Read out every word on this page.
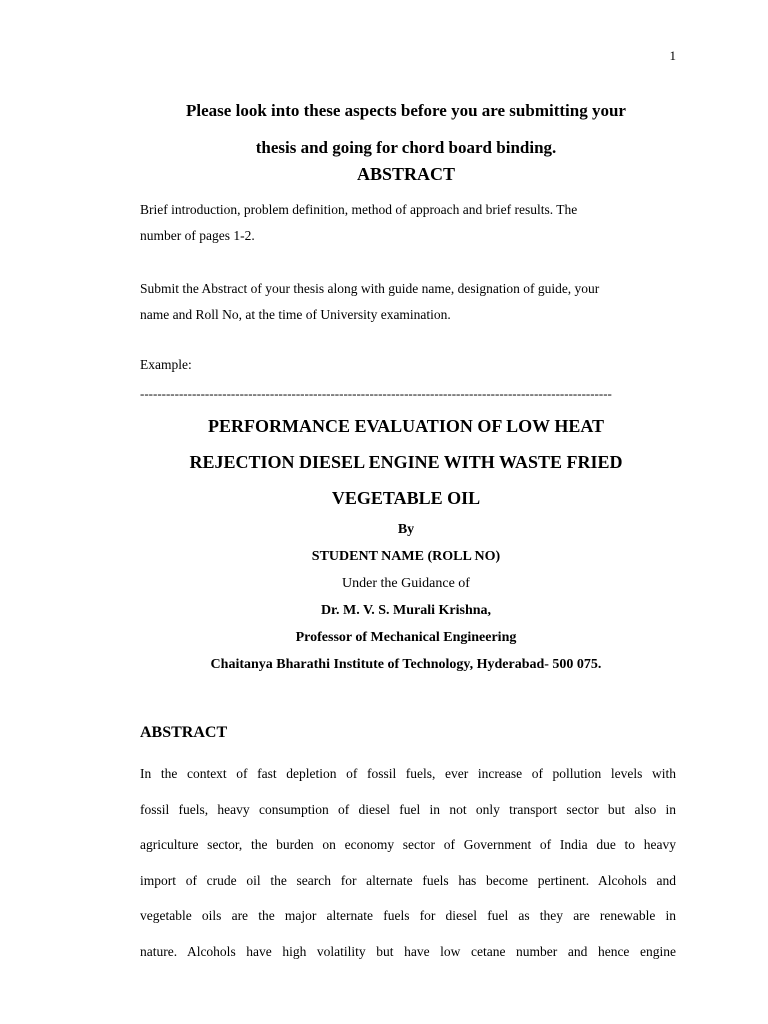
1
Please look into these aspects before you are submitting your
thesis and going for chord board binding.
ABSTRACT
Brief introduction, problem definition, method of approach and brief results. The
number of pages 1-2.
Submit the Abstract of your thesis along with guide name, designation of guide, your
name and Roll No, at the time of University examination.
Example:
-------------------------------------------------------------------------------------------------------------
PERFORMANCE EVALUATION OF LOW HEAT
REJECTION DIESEL ENGINE WITH WASTE FRIED
VEGETABLE OIL
By
STUDENT NAME (ROLL NO)
Under the Guidance of
Dr. M. V. S. Murali Krishna,
Professor of Mechanical Engineering
Chaitanya Bharathi Institute of Technology, Hyderabad- 500 075.
ABSTRACT
In the context of fast depletion of fossil fuels, ever increase of pollution levels with
fossil fuels, heavy consumption of diesel fuel in not only transport sector but also in
agriculture sector, the burden on economy sector of Government of India due to heavy
import of crude oil the search for alternate fuels has become pertinent. Alcohols and
vegetable oils are the major alternate fuels for diesel fuel as they are renewable in
nature. Alcohols have high volatility but have low cetane number and hence engine
